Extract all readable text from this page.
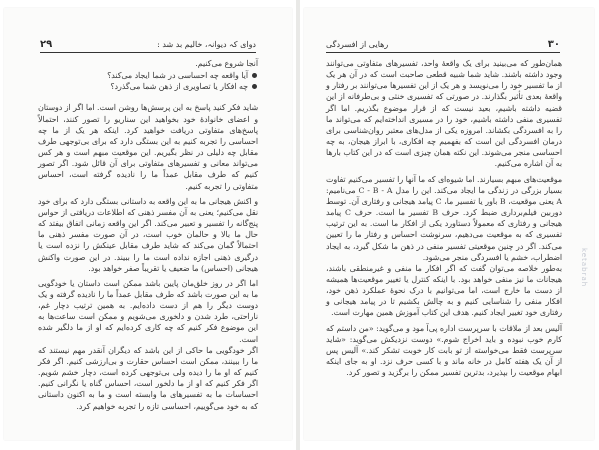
۲۹	دوای کہ دیوانہ، خالیم بد شد :

آنجا شروع می‌کنیم.

آیا واقعه چه احساسی در شما ایجاد می‌کند؟

چه افکار یا تصاویری از ذهن شما می‌گذرد؟

شاید فکر کنید پاسخ به این پرسش‌ها روشن است. اما اگر از دوستان و اعضای خانوادهٔ خود بخواهید این سناریو را تصور کنند، احتمالاً پاسخ‌های متفاوتی دریافت خواهید کرد. اینکه هر یک از ما چه احساسی را تجربه کنیم به این بستگی دارد که برای بی‌توجهی طرف مقابل چه دلیلی در نظر بگیریم. این موقعیت مبهم است و هر کس می‌تواند معانی و تفسیرهای متفاوتی برای آن قائل شود. اگر تصور کنیم که طرف مقابل عمداً ما را نادیده گرفته است، احساس متفاوتی را تجربه کنیم.

و اکنش هیجانی ما به این واقعه به داستانی بستگی دارد که برای خود نقل می‌کنیم؛ یعنی به آن مفسر ذهنی که اطلاعات دریافتی از حواس پنج‌گانه را تفسیر و تعبیر می‌کند. اگر این واقعه زمانی اتفاق بیفتد که حال ما بالا و حالمان خوب است، در آن صورت مفسر ذهنی ما احتمالاً گمان می‌کند که شاید طرف مقابل عینکش را نزده است یا درگیری ذهنی اجازه نداده است ما را ببیند. در این صورت واکنش هیجانی (احساس) ما ضعیف یا تقریباً صفر خواهد بود.

اما اگر در روز خلق‌مان پایین باشد ممکن است داستان یا خودگویی ما به این صورت باشد که طرف مقابل عمداً ما را نادیده گرفته و یک دوست دیگر را هم از دست داده‌ایم. به همین ترتیب دچار غم، ناراحتی، طرد شدن و دلخوری می‌شویم و ممکن است ساعت‌ها به این موضوع فکر کنیم که چه کاری کرده‌ایم که او از ما دلگیر شده است.

اگر خودگویی ما حاکی از این باشد که دیگران آنقدر مهم نیستند که ما را ببینند، ممکن است احساس حقارت و بی‌ارزشی کنیم. اگر فکر کنیم که او ما را دیده ولی بی‌توجهی کرده است، دچار خشم شویم. اگر فکر کنیم که او از ما دلخور است، احساس گناه یا نگرانی کنیم. احساسات ما به تفسیرهای ما وابسته است و ما به اکنون داستانی که به خود می‌گوییم، احساسی تازه را تجربه خواهیم کرد.

رهایی از افسردگی	۳۰

همان‌طور که می‌بینید برای یک واقعهٔ واحد، تفسیرهای متفاوتی می‌توانند وجود داشته باشند. شاید شما شبیه قطعی صاحبت است که در آن هر یک از ما تفسیر خود را می‌نویسد و هر یک از این تفسیرها می‌توانند بر رفتار و واقعهٔ بعدی تأثیر بگذارند. در صورتی که تفسیری خنثی و بی‌طرفانه از این قضیه داشته باشیم، بعید نیست که از قرار موضوع بگذریم. اما اگر تفسیری منفی داشته باشیم، خود را در مسیری انداخته‌ایم که می‌تواند ما را به افسردگی بکشاند. امروزه یکی از مدل‌های معتبر روان‌شناسی برای درمان افسردگی این است که بفهمیم چه افکاری، با ابراز هیجان، به چه احساسی منجر می‌شوند. این نکته همان چیزی است که در این کتاب بارها به آن اشاره می‌کنیم.

موقعیت‌های مبهم بسیارند. اما شیوه‌ای که ما آنها را تفسیر می‌کنیم تفاوت بسیار بزرگی در زندگی ما ایجاد می‌کند. این را مدل C - B - A می‌نامیم: A یعنی موقعیت، B باور یا تفسیر ما، C پیامد هیجانی و رفتاری آن. توسط دوربین فیلم‌برداری ضبط کرد. حرف B تفسیر ما است. حرف C پیامد هیجانی و رفتاری که معمولاً دستاورد یکی از افکار ما است. به این ترتیب تفسیری که به موقعیت می‌دهیم، سرنوشت احساس و رفتار ما را تعیین می‌کند. اگر در چنین موقعیتی تفسیر منفی در ذهن ما شکل گیرد، به ایجاد اضطراب، خشم یا افسردگی منجر می‌شود.

به‌طور خلاصه می‌توان گفت که اگر افکار ما منفی و غیرمنطقی باشند، هیجانات ما نیز منفی خواهد بود. با اینکه کنترل یا تغییر موقعیت‌ها همیشه از دست ما خارج است، اما می‌توانیم با درک نحوهٔ عملکرد ذهن خود، افکار منفی را شناسایی کنیم و به چالش بکشیم تا در پیامد هیجانی و رفتاری خود تغییر ایجاد کنیم. هدف این کتاب آموزش همین مهارت است.

آلیس بعد از ملاقات با سرپرست اداره پی‌آ مود و می‌گوید: «من داستم که کارم خوب نبوده و باید اخراج شوم.» دوست نزدیکش می‌گوید: «شاید سرپرست فقط می‌خواسته از تو بابت کار خوبت تشکر کند.» آلیس پس از آن یک هفته کامل در خانه ماند و با کسی حرف نزد. او به جای اینکه ابهام موقعیت را بپذیرد، بدترین تفسیر ممکن را برگزید و تصور کرد.

ketabrah
